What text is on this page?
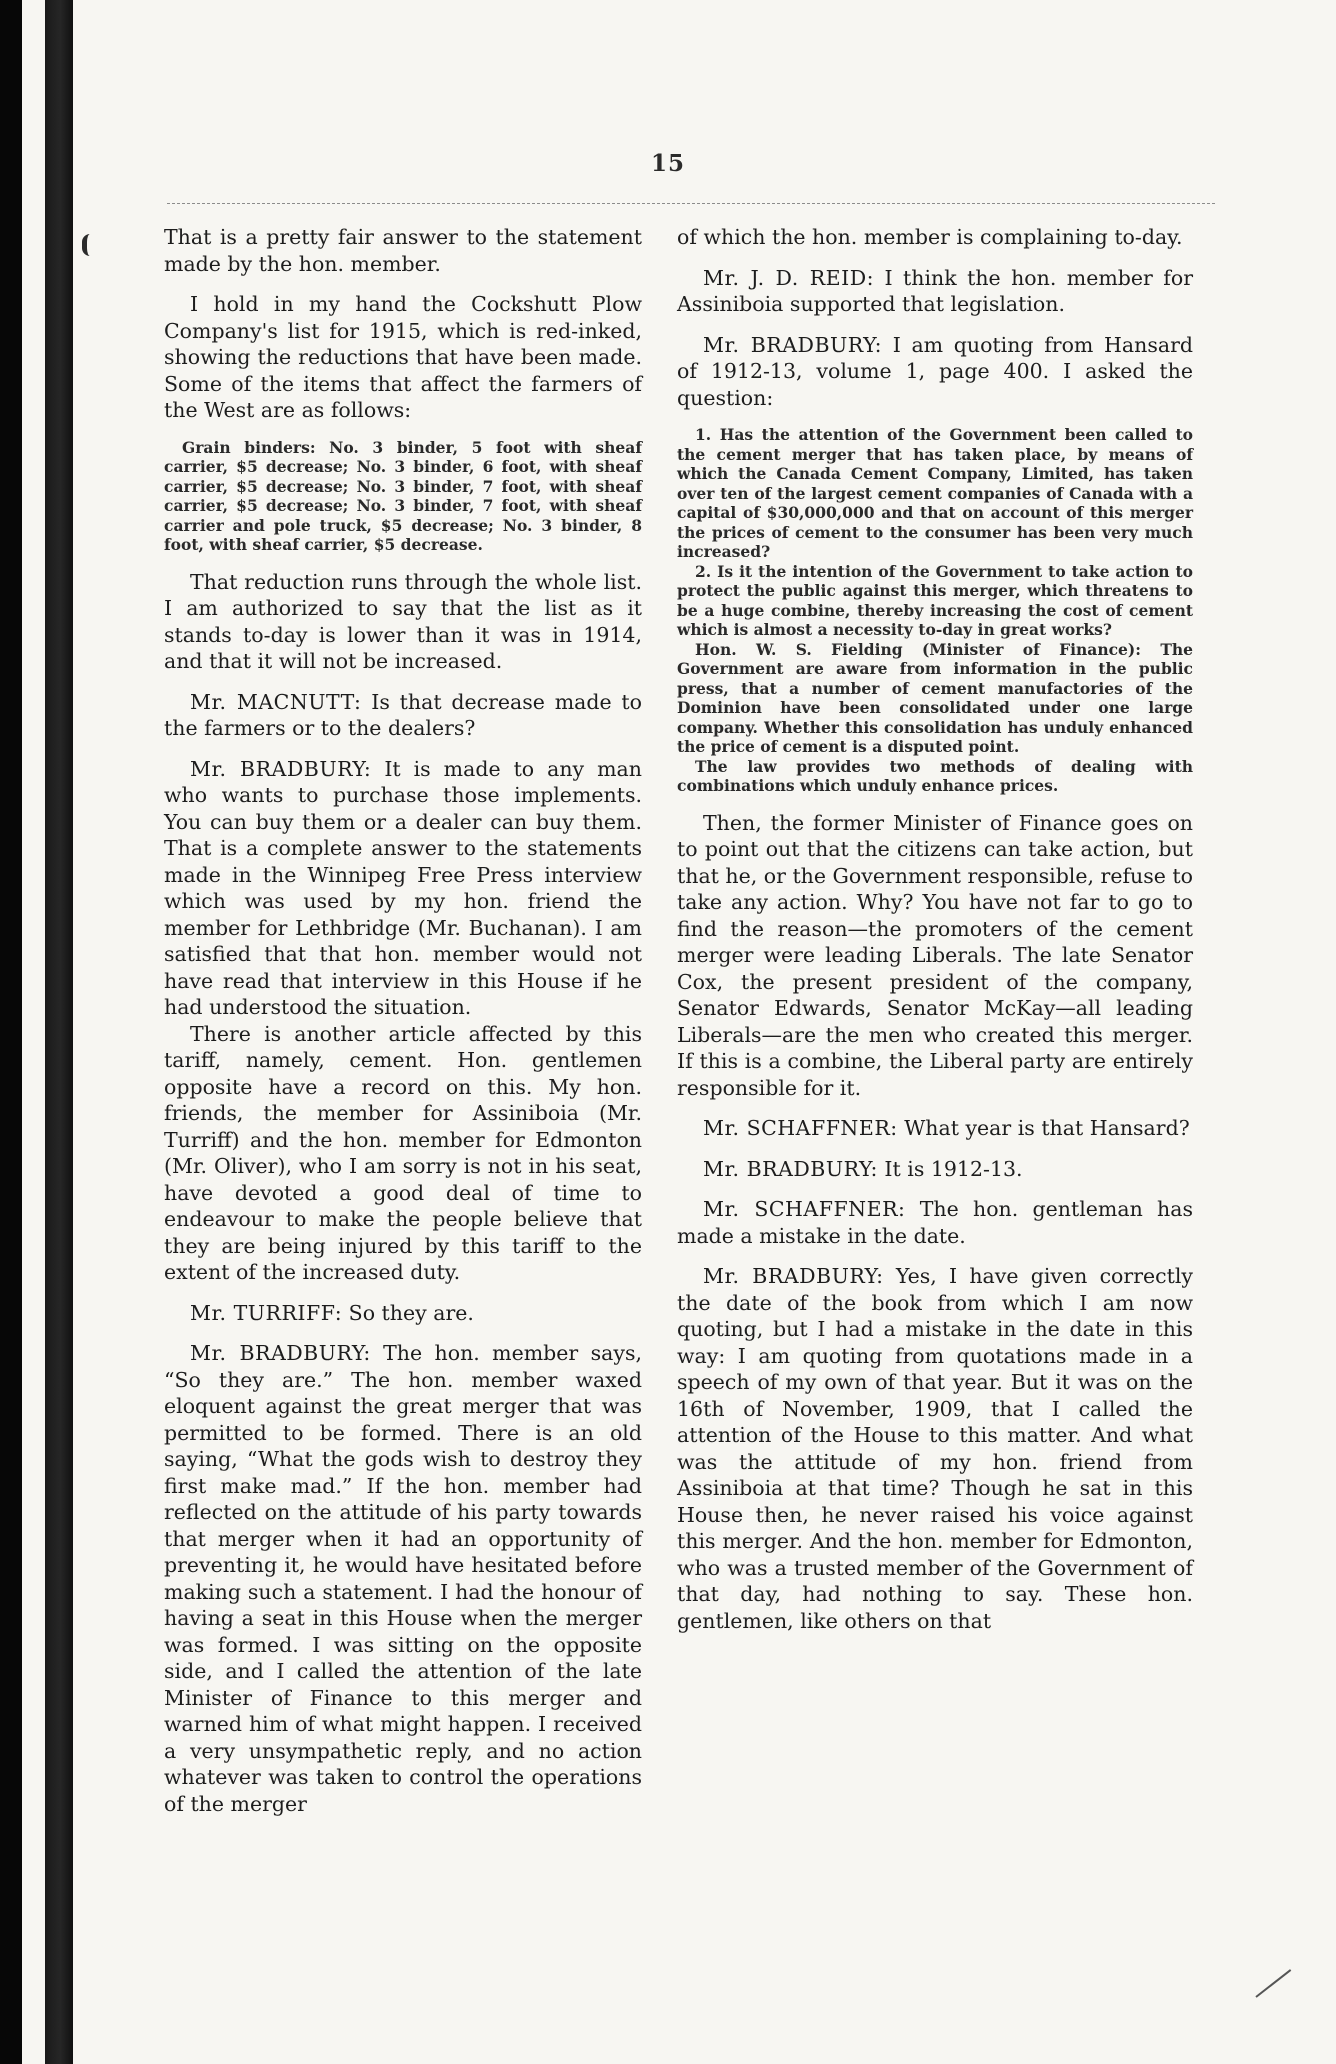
15

That is a pretty fair answer to the statement made by the hon. member.

I hold in my hand the Cockshutt Plow Company's list for 1915, which is red-inked, showing the reductions that have been made. Some of the items that affect the farmers of the West are as follows:

Grain binders: No. 3 binder, 5 foot with sheaf carrier, $5 decrease; No. 3 binder, 6 foot, with sheaf carrier, $5 decrease; No. 3 binder, 7 foot, with sheaf carrier, $5 decrease; No. 3 binder, 7 foot, with sheaf carrier and pole truck, $5 decrease; No. 3 binder, 8 foot, with sheaf carrier, $5 decrease.

That reduction runs through the whole list. I am authorized to say that the list as it stands to-day is lower than it was in 1914, and that it will not be increased.

Mr. MACNUTT: Is that decrease made to the farmers or to the dealers?

Mr. BRADBURY: It is made to any man who wants to purchase those implements. You can buy them or a dealer can buy them. That is a complete answer to the statements made in the Winnipeg Free Press interview which was used by my hon. friend the member for Lethbridge (Mr. Buchanan). I am satisfied that that hon. member would not have read that interview in this House if he had understood the situation.

There is another article affected by this tariff, namely, cement. Hon. gentlemen opposite have a record on this. My hon. friends, the member for Assiniboia (Mr. Turriff) and the hon. member for Edmonton (Mr. Oliver), who I am sorry is not in his seat, have devoted a good deal of time to endeavour to make the people believe that they are being injured by this tariff to the extent of the increased duty.

Mr. TURRIFF: So they are.

Mr. BRADBURY: The hon. member says, “So they are.” The hon. member waxed eloquent against the great merger that was permitted to be formed. There is an old saying, “What the gods wish to destroy they first make mad.” If the hon. member had reflected on the attitude of his party towards that merger when it had an opportunity of preventing it, he would have hesitated before making such a statement. I had the honour of having a seat in this House when the merger was formed. I was sitting on the opposite side, and I called the attention of the late Minister of Finance to this merger and warned him of what might happen. I received a very unsympathetic reply, and no action whatever was taken to control the operations of the merger

of which the hon. member is complaining to-day.

Mr. J. D. REID: I think the hon. member for Assiniboia supported that legislation.

Mr. BRADBURY: I am quoting from Hansard of 1912-13, volume 1, page 400. I asked the question:

1. Has the attention of the Government been called to the cement merger that has taken place, by means of which the Canada Cement Company, Limited, has taken over ten of the largest cement companies of Canada with a capital of $30,000,000 and that on account of this merger the prices of cement to the consumer has been very much increased?

2. Is it the intention of the Government to take action to protect the public against this merger, which threatens to be a huge combine, thereby increasing the cost of cement which is almost a necessity to-day in great works?

Hon. W. S. Fielding (Minister of Finance): The Government are aware from information in the public press, that a number of cement manufactories of the Dominion have been consolidated under one large company. Whether this consolidation has unduly enhanced the price of cement is a disputed point.

The law provides two methods of dealing with combinations which unduly enhance prices.

Then, the former Minister of Finance goes on to point out that the citizens can take action, but that he, or the Government responsible, refuse to take any action. Why? You have not far to go to find the reason—the promoters of the cement merger were leading Liberals. The late Senator Cox, the present president of the company, Senator Edwards, Senator McKay—all leading Liberals—are the men who created this merger. If this is a combine, the Liberal party are entirely responsible for it.

Mr. SCHAFFNER: What year is that Hansard?

Mr. BRADBURY: It is 1912-13.

Mr. SCHAFFNER: The hon. gentleman has made a mistake in the date.

Mr. BRADBURY: Yes, I have given correctly the date of the book from which I am now quoting, but I had a mistake in the date in this way: I am quoting from quotations made in a speech of my own of that year. But it was on the 16th of November, 1909, that I called the attention of the House to this matter. And what was the attitude of my hon. friend from Assiniboia at that time? Though he sat in this House then, he never raised his voice against this merger. And the hon. member for Edmonton, who was a trusted member of the Government of that day, had nothing to say. These hon. gentlemen, like others on that
